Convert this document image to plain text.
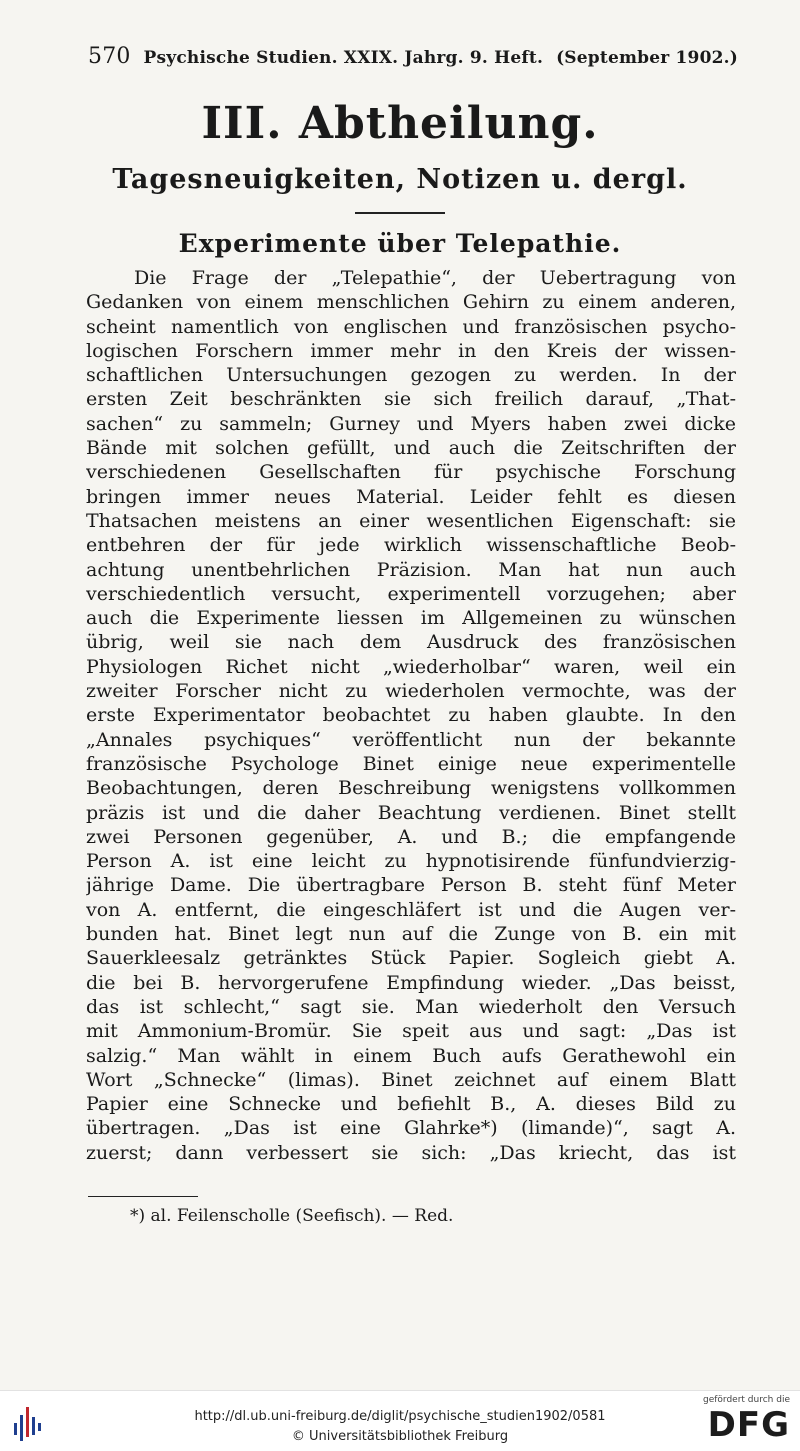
570 Psychische Studien. XXIX. Jahrg. 9. Heft. (September 1902.)
III. Abtheilung.
Tagesneuigkeiten, Notizen u. dergl.
Experimente über Telepathie.
Die Frage der „Telepathie“, der Uebertragung von
Gedanken von einem menschlichen Gehirn zu einem anderen,
scheint namentlich von englischen und französischen psycho-
logischen Forschern immer mehr in den Kreis der wissen-
schaftlichen Untersuchungen gezogen zu werden. In der
ersten Zeit beschränkten sie sich freilich darauf, „That-
sachen“ zu sammeln; Gurney und Myers haben zwei dicke
Bände mit solchen gefüllt, und auch die Zeitschriften der
verschiedenen Gesellschaften für psychische Forschung
bringen immer neues Material. Leider fehlt es diesen
Thatsachen meistens an einer wesentlichen Eigenschaft: sie
entbehren der für jede wirklich wissenschaftliche Beob-
achtung unentbehrlichen Präzision. Man hat nun auch
verschiedentlich versucht, experimentell vorzugehen; aber
auch die Experimente liessen im Allgemeinen zu wünschen
übrig, weil sie nach dem Ausdruck des französischen
Physiologen Richet nicht „wiederholbar“ waren, weil ein
zweiter Forscher nicht zu wiederholen vermochte, was der
erste Experimentator beobachtet zu haben glaubte. In den
„Annales psychiques“ veröffentlicht nun der bekannte
französische Psychologe Binet einige neue experimentelle
Beobachtungen, deren Beschreibung wenigstens vollkommen
präzis ist und die daher Beachtung verdienen. Binet stellt
zwei Personen gegenüber, A. und B.; die empfangende
Person A. ist eine leicht zu hypnotisirende fünfundvierzig-
jährige Dame. Die übertragbare Person B. steht fünf Meter
von A. entfernt, die eingeschläfert ist und die Augen ver-
bunden hat. Binet legt nun auf die Zunge von B. ein mit
Sauerkleesalz getränktes Stück Papier. Sogleich giebt A.
die bei B. hervorgerufene Empfindung wieder. „Das beisst,
das ist schlecht,“ sagt sie. Man wiederholt den Versuch
mit Ammonium-Bromür. Sie speit aus und sagt: „Das ist
salzig.“ Man wählt in einem Buch aufs Gerathewohl ein
Wort „Schnecke“ (limas). Binet zeichnet auf einem Blatt
Papier eine Schnecke und befiehlt B., A. dieses Bild zu
übertragen. „Das ist eine Glahrke*) (limande)“, sagt A.
zuerst; dann verbessert sie sich: „Das kriecht, das ist
*) al. Feilenscholle (Seefisch). — Red.
http://dl.ub.uni-freiburg.de/diglit/psychische_studien1902/0581
© Universitätsbibliothek Freiburg
gefördert durch die
DFG
